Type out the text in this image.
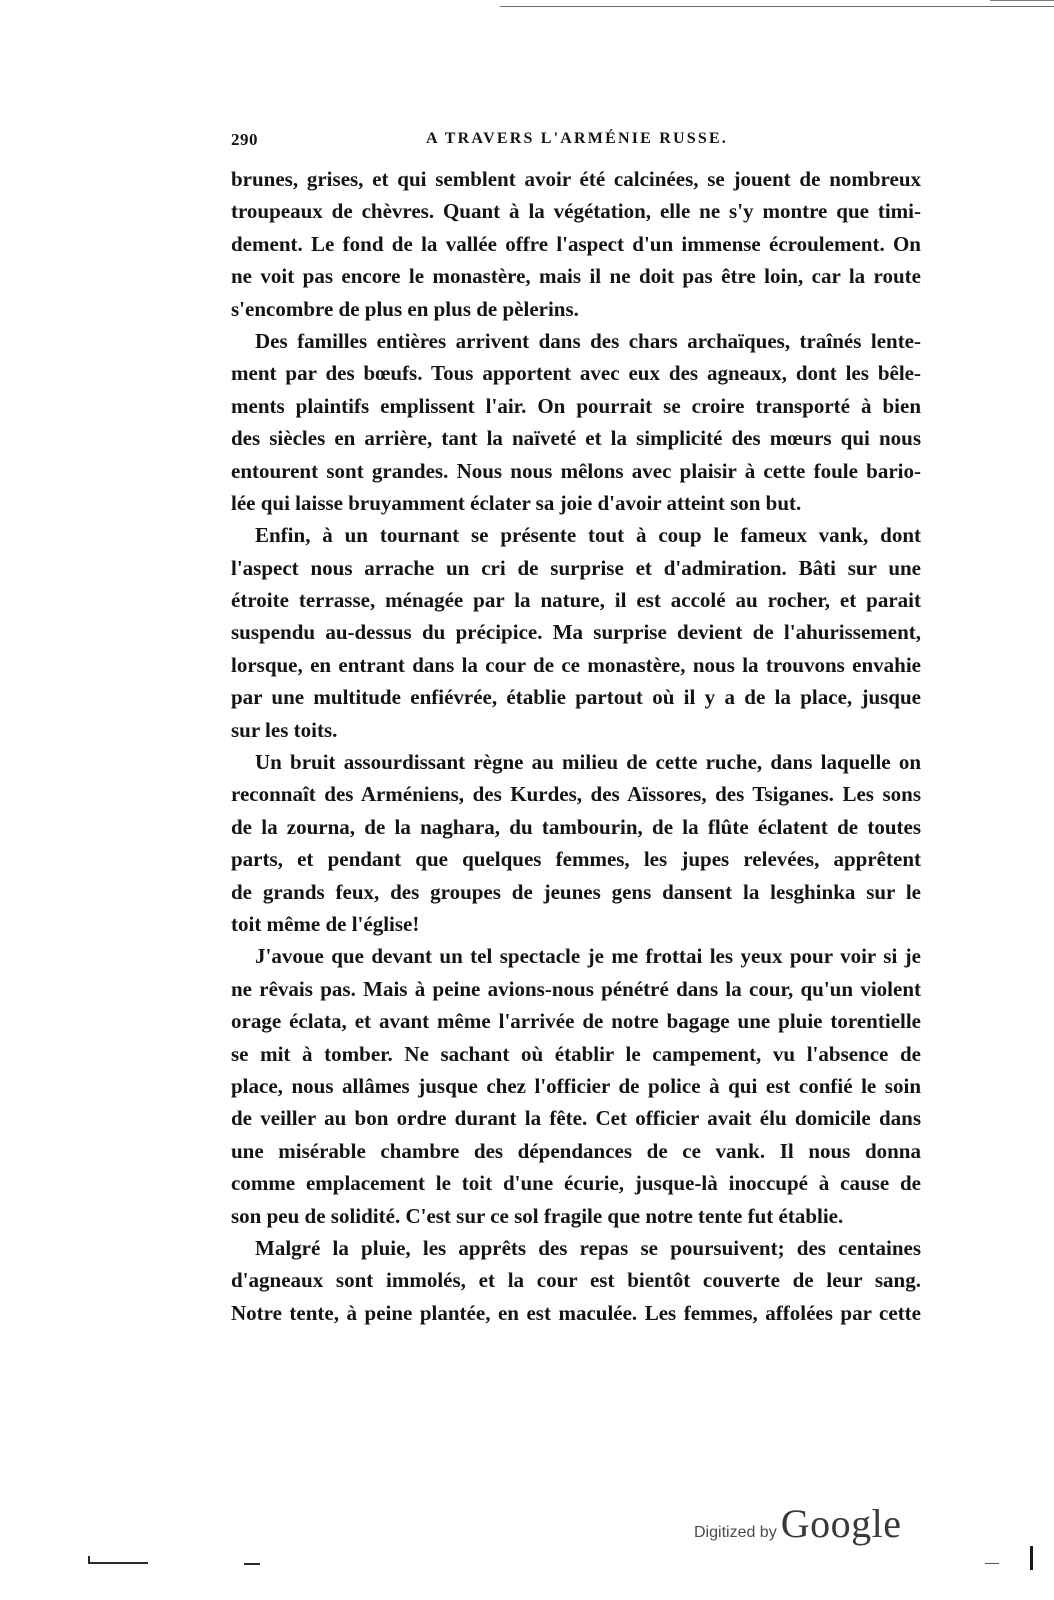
290	A TRAVERS L'ARMÉNIE RUSSE.
brunes, grises, et qui semblent avoir été calcinées, se jouent de nombreux
troupeaux de chèvres. Quant à la végétation, elle ne s'y montre que timi-
dement. Le fond de la vallée offre l'aspect d'un immense écroulement. On
ne voit pas encore le monastère, mais il ne doit pas être loin, car la route
s'encombre de plus en plus de pèlerins.
Des familles entières arrivent dans des chars archaïques, traînés lente-
ment par des bœufs. Tous apportent avec eux des agneaux, dont les bêle-
ments plaintifs emplissent l'air. On pourrait se croire transporté à bien
des siècles en arrière, tant la naïveté et la simplicité des mœurs qui nous
entourent sont grandes. Nous nous mêlons avec plaisir à cette foule bario-
lée qui laisse bruyamment éclater sa joie d'avoir atteint son but.
Enfin, à un tournant se présente tout à coup le fameux vank, dont
l'aspect nous arrache un cri de surprise et d'admiration. Bâti sur une
étroite terrasse, ménagée par la nature, il est accolé au rocher, et parait
suspendu au-dessus du précipice. Ma surprise devient de l'ahurissement,
lorsque, en entrant dans la cour de ce monastère, nous la trouvons envahie
par une multitude enfiévrée, établie partout où il y a de la place, jusque
sur les toits.
Un bruit assourdissant règne au milieu de cette ruche, dans laquelle on
reconnaît des Arméniens, des Kurdes, des Aïssores, des Tsiganes. Les sons
de la zourna, de la naghara, du tambourin, de la flûte éclatent de toutes
parts, et pendant que quelques femmes, les jupes relevées, apprêtent
de grands feux, des groupes de jeunes gens dansent la lesghinka sur le
toit même de l'église!
J'avoue que devant un tel spectacle je me frottai les yeux pour voir si je
ne rêvais pas. Mais à peine avions-nous pénétré dans la cour, qu'un violent
orage éclata, et avant même l'arrivée de notre bagage une pluie torentielle
se mit à tomber. Ne sachant où établir le campement, vu l'absence de
place, nous allâmes jusque chez l'officier de police à qui est confié le soin
de veiller au bon ordre durant la fête. Cet officier avait élu domicile dans
une misérable chambre des dépendances de ce vank. Il nous donna
comme emplacement le toit d'une écurie, jusque-là inoccupé à cause de
son peu de solidité. C'est sur ce sol fragile que notre tente fut établie.
Malgré la pluie, les apprêts des repas se poursuivent; des centaines
d'agneaux sont immolés, et la cour est bientôt couverte de leur sang.
Notre tente, à peine plantée, en est maculée. Les femmes, affolées par cette
Digitized by Google
